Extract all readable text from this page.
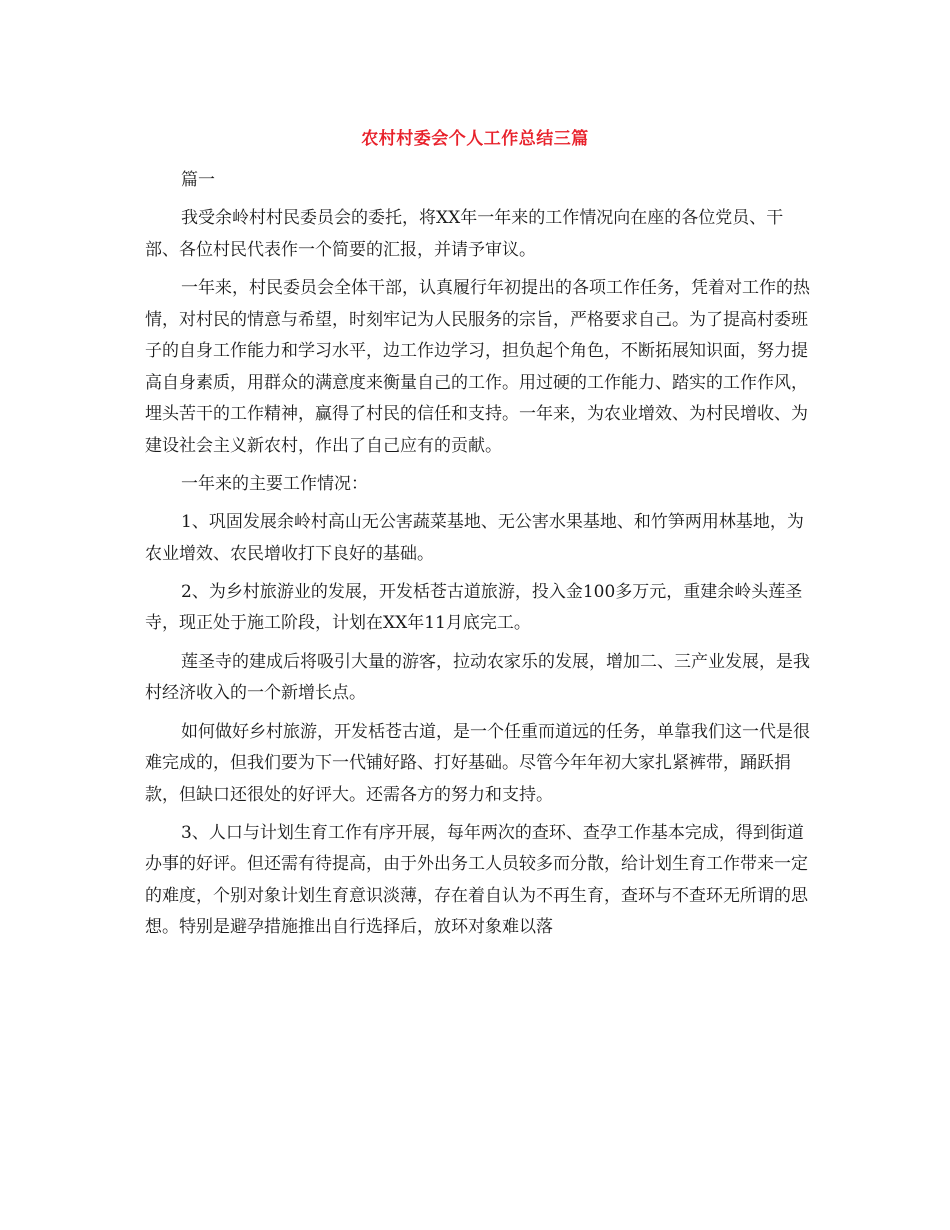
农村村委会个人工作总结三篇

篇一

我受余岭村村民委员会的委托，将XX年一年来的工作情况向在座的各位党员、干部、各位村民代表作一个简要的汇报，并请予审议。

一年来，村民委员会全体干部，认真履行年初提出的各项工作任务，凭着对工作的热情，对村民的情意与希望，时刻牢记为人民服务的宗旨，严格要求自己。为了提高村委班子的自身工作能力和学习水平，边工作边学习，担负起个角色，不断拓展知识面，努力提高自身素质，用群众的满意度来衡量自己的工作。用过硬的工作能力、踏实的工作作风，埋头苦干的工作精神，赢得了村民的信任和支持。一年来，为农业增效、为村民增收、为建设社会主义新农村，作出了自己应有的贡献。

一年来的主要工作情况：

1、巩固发展余岭村高山无公害蔬菜基地、无公害水果基地、和竹笋两用林基地，为农业增效、农民增收打下良好的基础。

2、为乡村旅游业的发展，开发栝苍古道旅游，投入金100多万元，重建余岭头莲圣寺，现正处于施工阶段，计划在XX年11月底完工。

莲圣寺的建成后将吸引大量的游客，拉动农家乐的发展，增加二、三产业发展，是我村经济收入的一个新增长点。

如何做好乡村旅游，开发栝苍古道，是一个任重而道远的任务，单靠我们这一代是很难完成的，但我们要为下一代铺好路、打好基础。尽管今年年初大家扎紧裤带，踊跃捐款，但缺口还很处的好评大。还需各方的努力和支持。

3、人口与计划生育工作有序开展，每年两次的查环、查孕工作基本完成，得到街道办事的好评。但还需有待提高，由于外出务工人员较多而分散，给计划生育工作带来一定的难度，个别对象计划生育意识淡薄，存在着自认为不再生育，查环与不查环无所谓的思想。特别是避孕措施推出自行选择后，放环对象难以落
